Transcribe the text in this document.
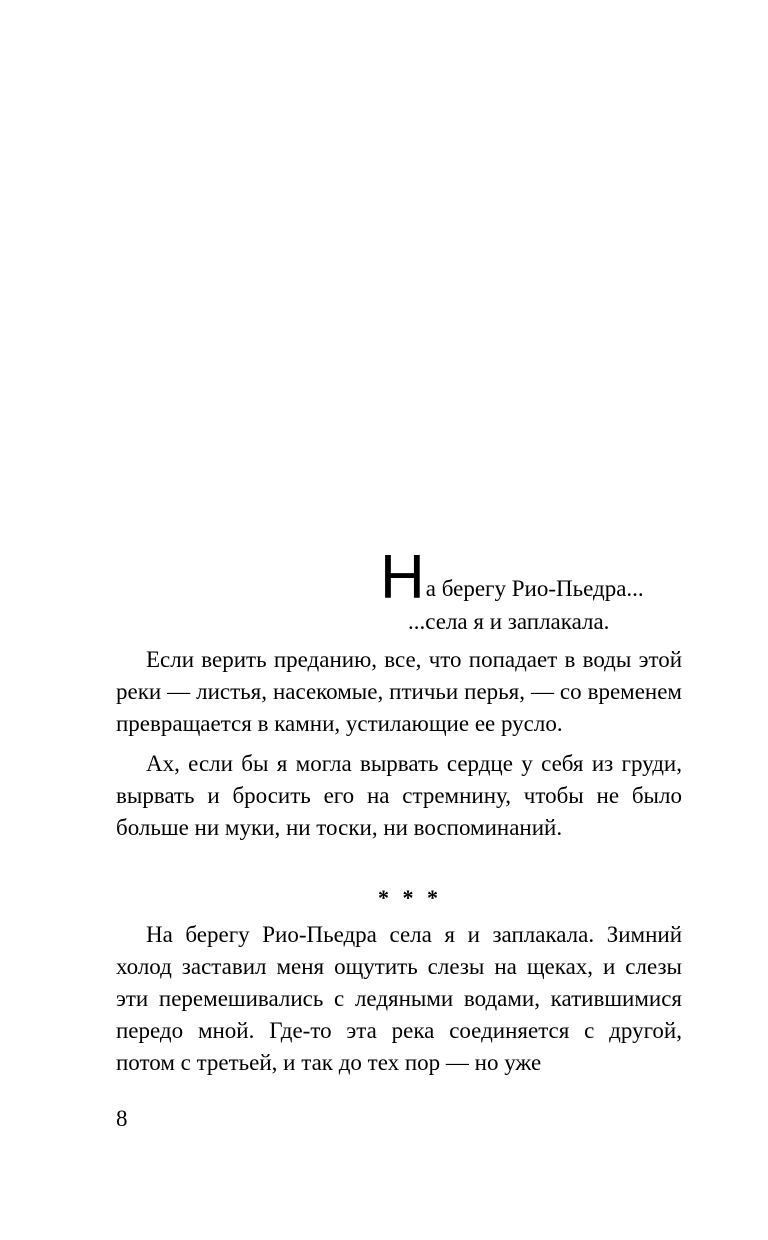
На берегу Рио-Пьедра...
...села я и заплакала.

Если верить преданию, все, что попадает в воды этой реки — листья, насекомые, птичьи перья, — со временем превращается в камни, устилающие ее русло.

Ах, если бы я могла вырвать сердце у себя из груди, вырвать и бросить его на стремнину, чтобы не было больше ни муки, ни тоски, ни воспоминаний.

* * *

На берегу Рио-Пьедра села я и заплакала. Зимний холод заставил меня ощутить слезы на щеках, и слезы эти перемешивались с ледяными водами, катившимися передо мной. Где-то эта река соединяется с другой, потом с третьей, и так до тех пор — но уже

8
